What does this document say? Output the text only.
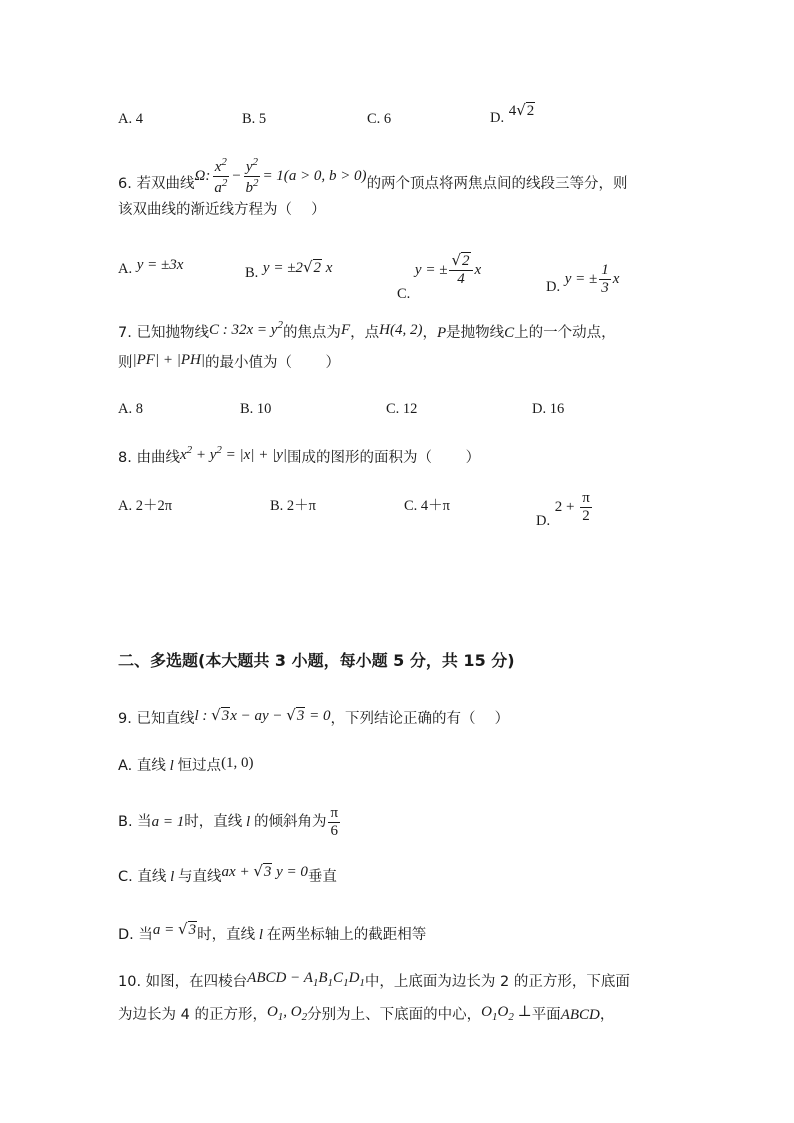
A. 4	B. 5	C. 6	D. 4√2
6. 若双曲线Ω: $\frac{x^2}{a^2} - \frac{y^2}{b^2} = 1(a > 0$, b > 0)的两个顶点将两焦点间的线段三等分，则
该双曲线的渐近线方程为（　 ）
A. y = ±3x	B. y = ±2√2 x
C. y = ± $\frac{√2}{4}$ x
D. y = ± $\frac{1}{3}$ x
7. 已知抛物线C : $32x = y^2$的焦点为F，点H(4, 2)，P是抛物线C上的一个动点，
则|PF| + |PH|的最小值为（　 　）
A. 8	B. 10	C. 12	D. 16
8. 由曲线$x^2 + y^2 = |x| + |y|$围成的图形的面积为（　 　）
A. 2＋2π	B. 2＋π	C. 4＋π
D. $2 + \frac{\pi}{2}$
二、多选题(本大题共 3 小题，每小题 5 分，共 15 分)
9. 已知直线l : √3x − ay − √3 = 0，下列结论正确的有（　 ）
A. 直线 l 恒过点(1, 0)
B. 当a = 1时，直线 l 的倾斜角为 $\frac{\pi}{6}$
C. 直线 l 与直线ax + √3 y = 0垂直
D. 当a = √3时，直线 l 在两坐标轴上的截距相等
10. 如图，在四棱台ABCD − $A_1B_1C_1D_1$中，上底面为边长为 2 的正方形，下底面
为边长为 4 的正方形，$O_1$, $O_2$分别为上、下底面的中心，$O_1O_2$ ⊥平面ABCD，
